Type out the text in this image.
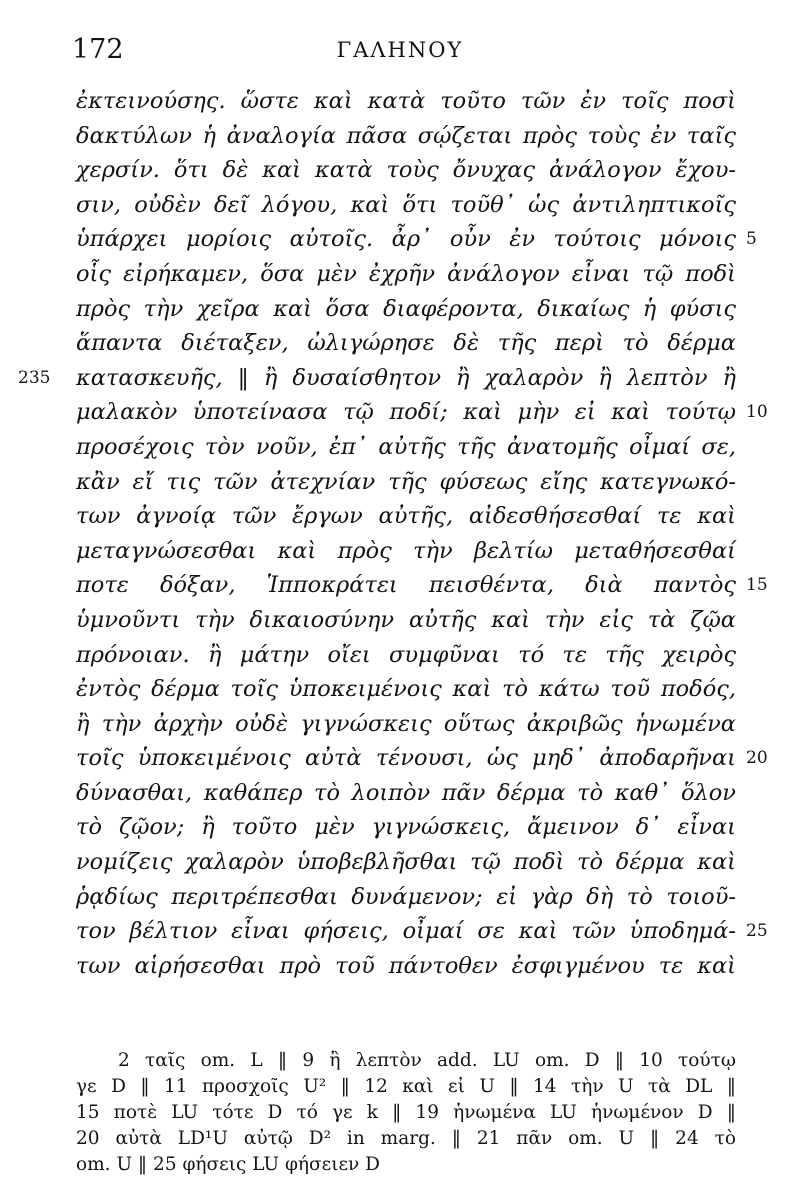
172	ΓΑΛΗΝΟΥ
ἐκτεινούσης. ὥστε καὶ κατὰ τοῦτο τῶν ἐν τοῖς ποσὶ
δακτύλων ἡ ἀναλογία πᾶσα σῴζεται πρὸς τοὺς ἐν ταῖς
χερσίν. ὅτι δὲ καὶ κατὰ τοὺς ὄνυχας ἀνάλογον ἔχου-
σιν, οὐδὲν δεῖ λόγου, καὶ ὅτι τοῦθ᾽ ὡς ἀντιληπτικοῖς
ὑπάρχει μορίοις αὐτοῖς. ἆρ᾽ οὖν ἐν τούτοις μόνοις 5
οἷς εἰρήκαμεν, ὅσα μὲν ἐχρῆν ἀνάλογον εἶναι τῷ ποδὶ
πρὸς τὴν χεῖρα καὶ ὅσα διαφέροντα, δικαίως ἡ φύσις
ἅπαντα διέταξεν, ὠλιγώρησε δὲ τῆς περὶ τὸ δέρμα
235 κατασκευῆς, ‖ ἢ δυσαίσθητον ἢ χαλαρὸν ἢ λεπτὸν ἢ
μαλακὸν ὑποτείνασα τῷ ποδί; καὶ μὴν εἰ καὶ τούτῳ 10
προσέχοις τὸν νοῦν, ἐπ᾽ αὐτῆς τῆς ἀνατομῆς οἶμαί σε,
κἂν εἴ τις τῶν ἀτεχνίαν τῆς φύσεως εἴης κατεγνωκό-
των ἀγνοίᾳ τῶν ἔργων αὐτῆς, αἰδεσθήσεσθαί τε καὶ
μεταγνώσεσθαι καὶ πρὸς τὴν βελτίω μεταθήσεσθαί
ποτε δόξαν, Ἱπποκράτει πεισθέντα, διὰ παντὸς 15
ὑμνοῦντι τὴν δικαιοσύνην αὐτῆς καὶ τὴν εἰς τὰ ζῷα
πρόνοιαν. ἢ μάτην οἴει συμφῦναι τό τε τῆς χειρὸς
ἐντὸς δέρμα τοῖς ὑποκειμένοις καὶ τὸ κάτω τοῦ ποδός,
ἢ τὴν ἀρχὴν οὐδὲ γιγνώσκεις οὕτως ἀκριβῶς ἡνωμένα
τοῖς ὑποκειμένοις αὐτὰ τένουσι, ὡς μηδ᾽ ἀποδαρῆναι 20
δύνασθαι, καθάπερ τὸ λοιπὸν πᾶν δέρμα τὸ καθ᾽ ὅλον
τὸ ζῷον; ἢ τοῦτο μὲν γιγνώσκεις, ἄμεινον δ᾽ εἶναι
νομίζεις χαλαρὸν ὑποβεβλῆσθαι τῷ ποδὶ τὸ δέρμα καὶ
ῥᾳδίως περιτρέπεσθαι δυνάμενον; εἰ γὰρ δὴ τὸ τοιοῦ-
τον βέλτιον εἶναι φήσεις, οἶμαί σε καὶ τῶν ὑποδημά- 25
των αἱρήσεσθαι πρὸ τοῦ πάντοθεν ἐσφιγμένου τε καὶ
2 ταῖς om. L ‖ 9 ἢ λεπτὸν add. LU om. D ‖ 10 τούτῳ
γε D ‖ 11 προσχοῖς U² ‖ 12 καὶ εἰ U ‖ 14 τὴν U τὰ DL ‖
15 ποτὲ LU τότε D τό γε k ‖ 19 ἡνωμένα LU ἡνωμένον D ‖
20 αὐτὰ LD¹U αὐτῷ D² in marg. ‖ 21 πᾶν om. U ‖ 24 τὸ
om. U ‖ 25 φήσεις LU φήσειεν D
